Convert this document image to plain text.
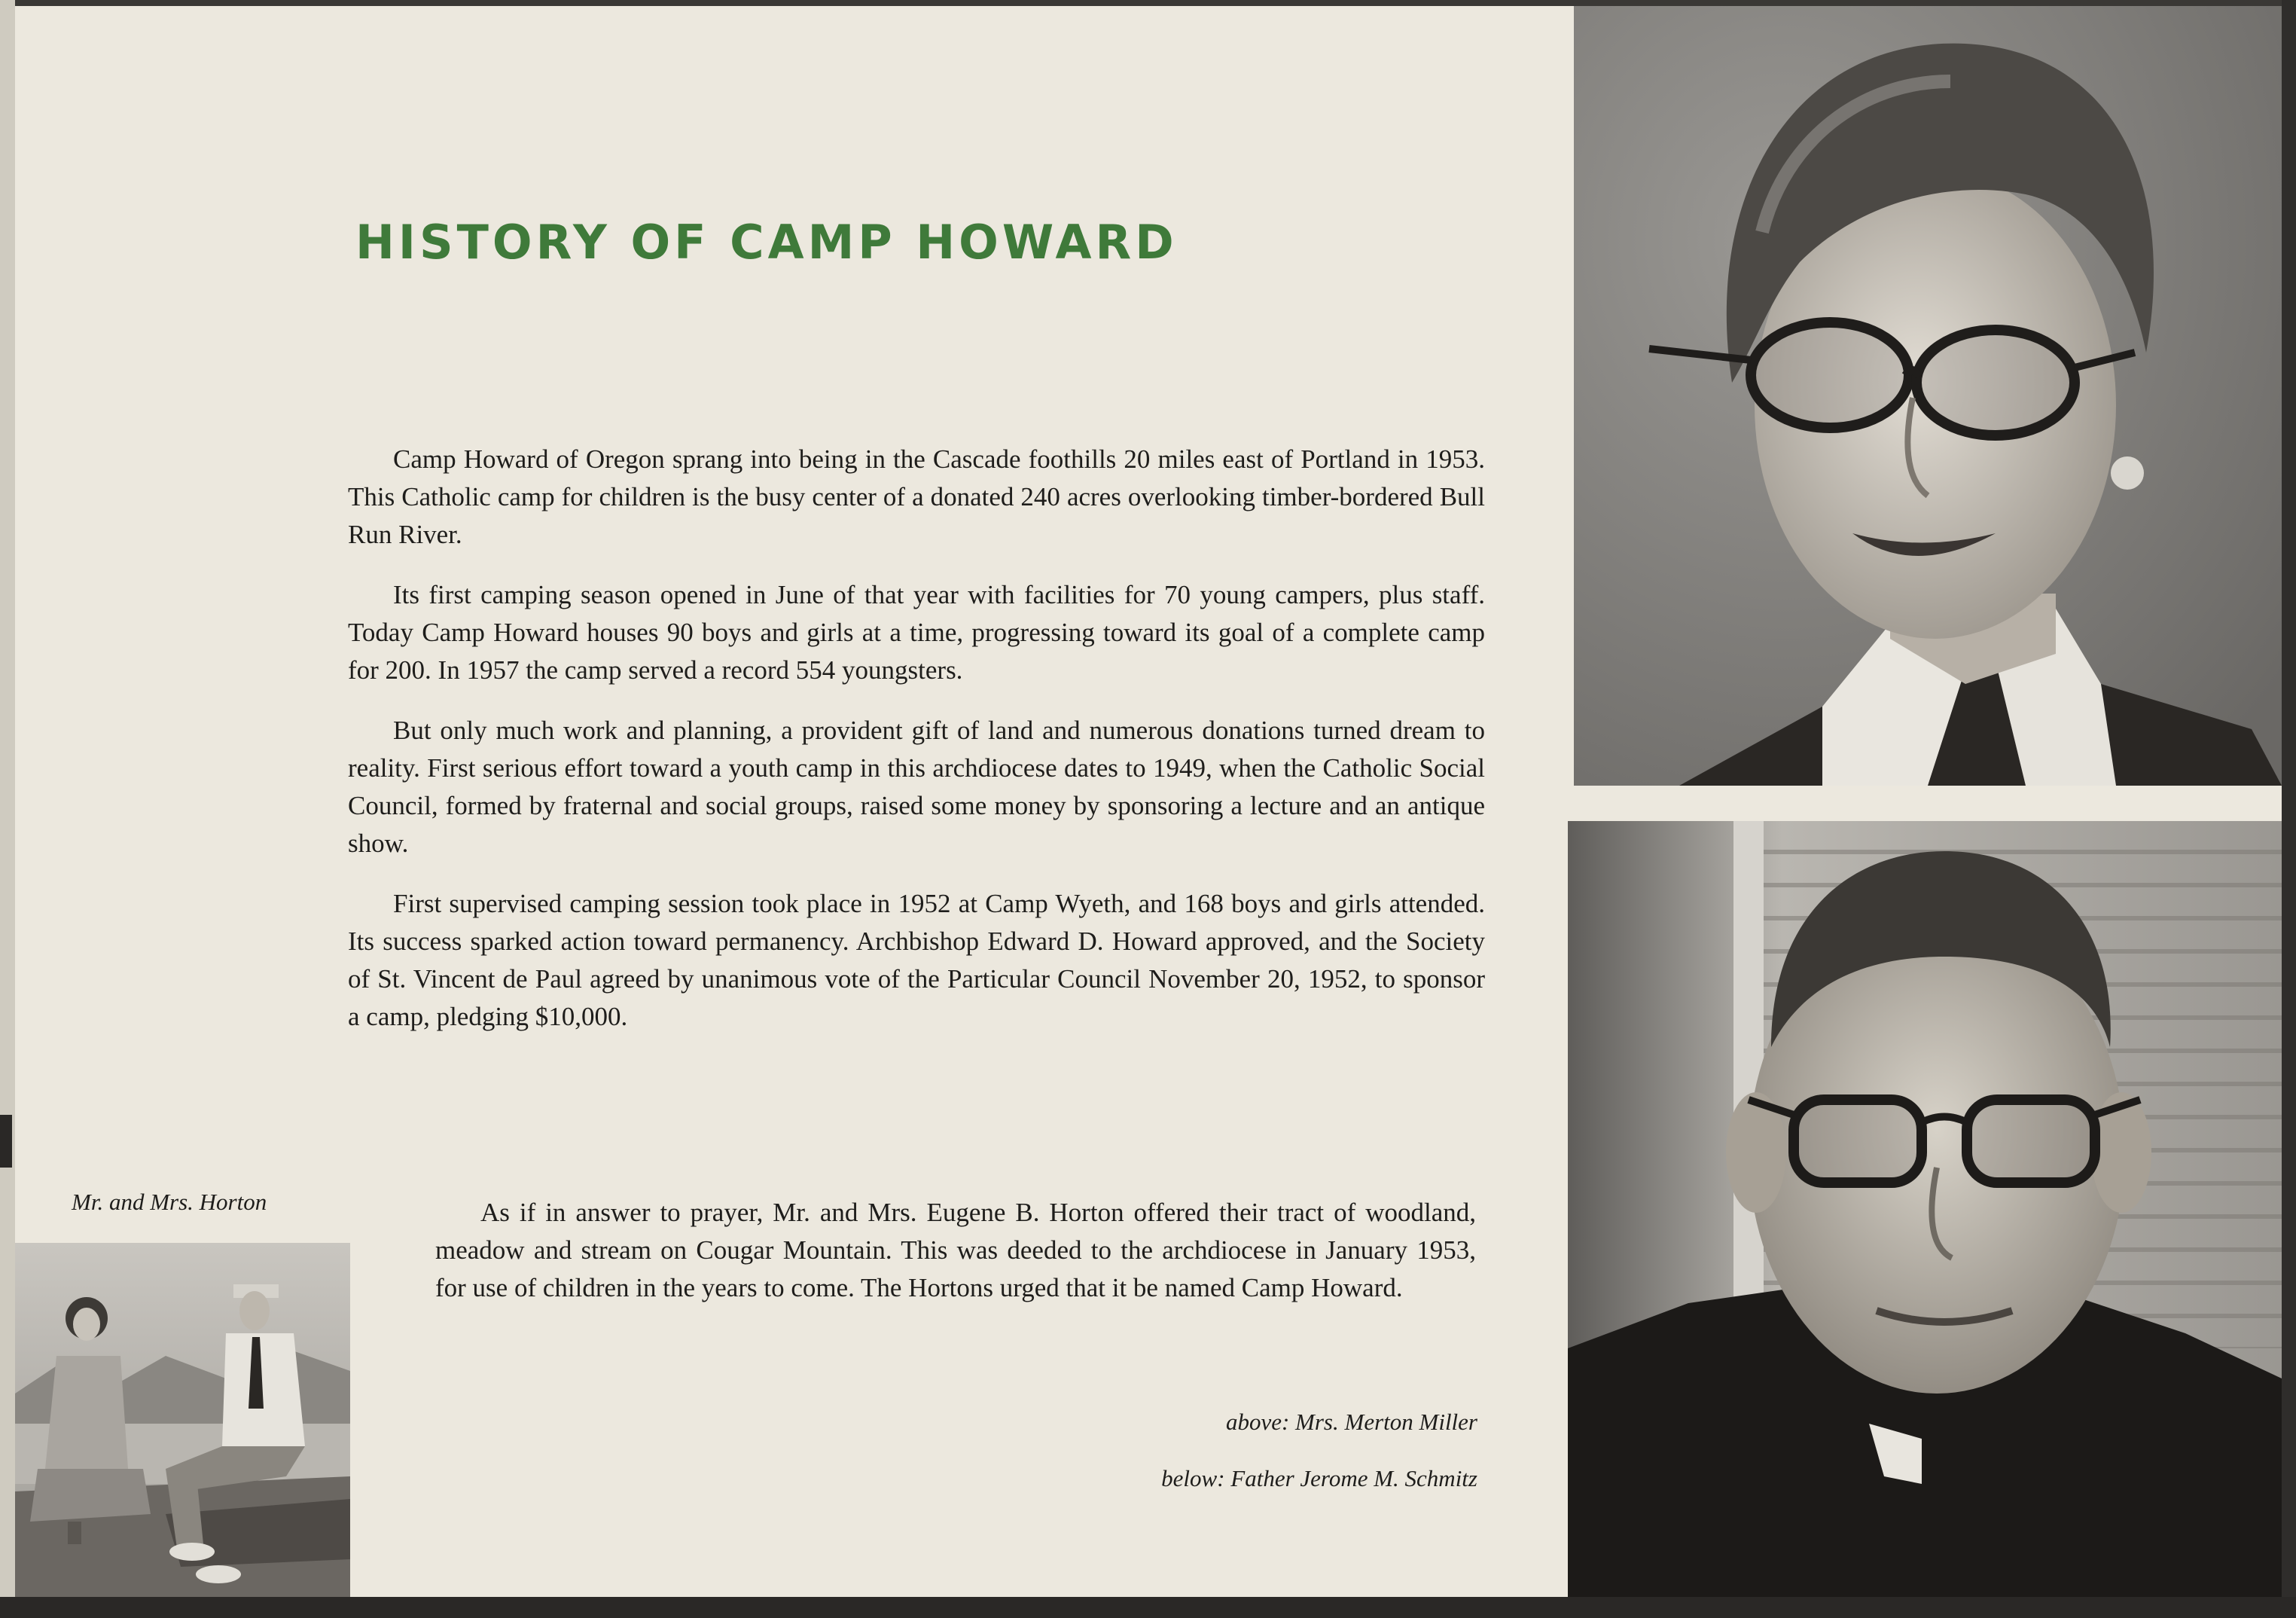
HISTORY OF CAMP HOWARD

Camp Howard of Oregon sprang into being in the Cascade foothills 20 miles east of Portland in 1953. This Catholic camp for children is the busy center of a donated 240 acres overlooking timber-bordered Bull Run River.

Its first camping season opened in June of that year with facilities for 70 young campers, plus staff. Today Camp Howard houses 90 boys and girls at a time, progressing toward its goal of a complete camp for 200. In 1957 the camp served a record 554 youngsters.

But only much work and planning, a provident gift of land and numerous donations turned dream to reality. First serious effort toward a youth camp in this archdiocese dates to 1949, when the Catholic Social Council, formed by fraternal and social groups, raised some money by sponsoring a lecture and an antique show.

First supervised camping session took place in 1952 at Camp Wyeth, and 168 boys and girls attended. Its success sparked action toward permanency. Archbishop Edward D. Howard approved, and the Society of St. Vincent de Paul agreed by unanimous vote of the Particular Council November 20, 1952, to sponsor a camp, pledging $10,000.

As if in answer to prayer, Mr. and Mrs. Eugene B. Horton offered their tract of woodland, meadow and stream on Cougar Mountain. This was deeded to the archdiocese in January 1953, for use of children in the years to come. The Hortons urged that it be named Camp Howard.

Mr. and Mrs. Horton
above: Mrs. Merton Miller
below: Father Jerome M. Schmitz
